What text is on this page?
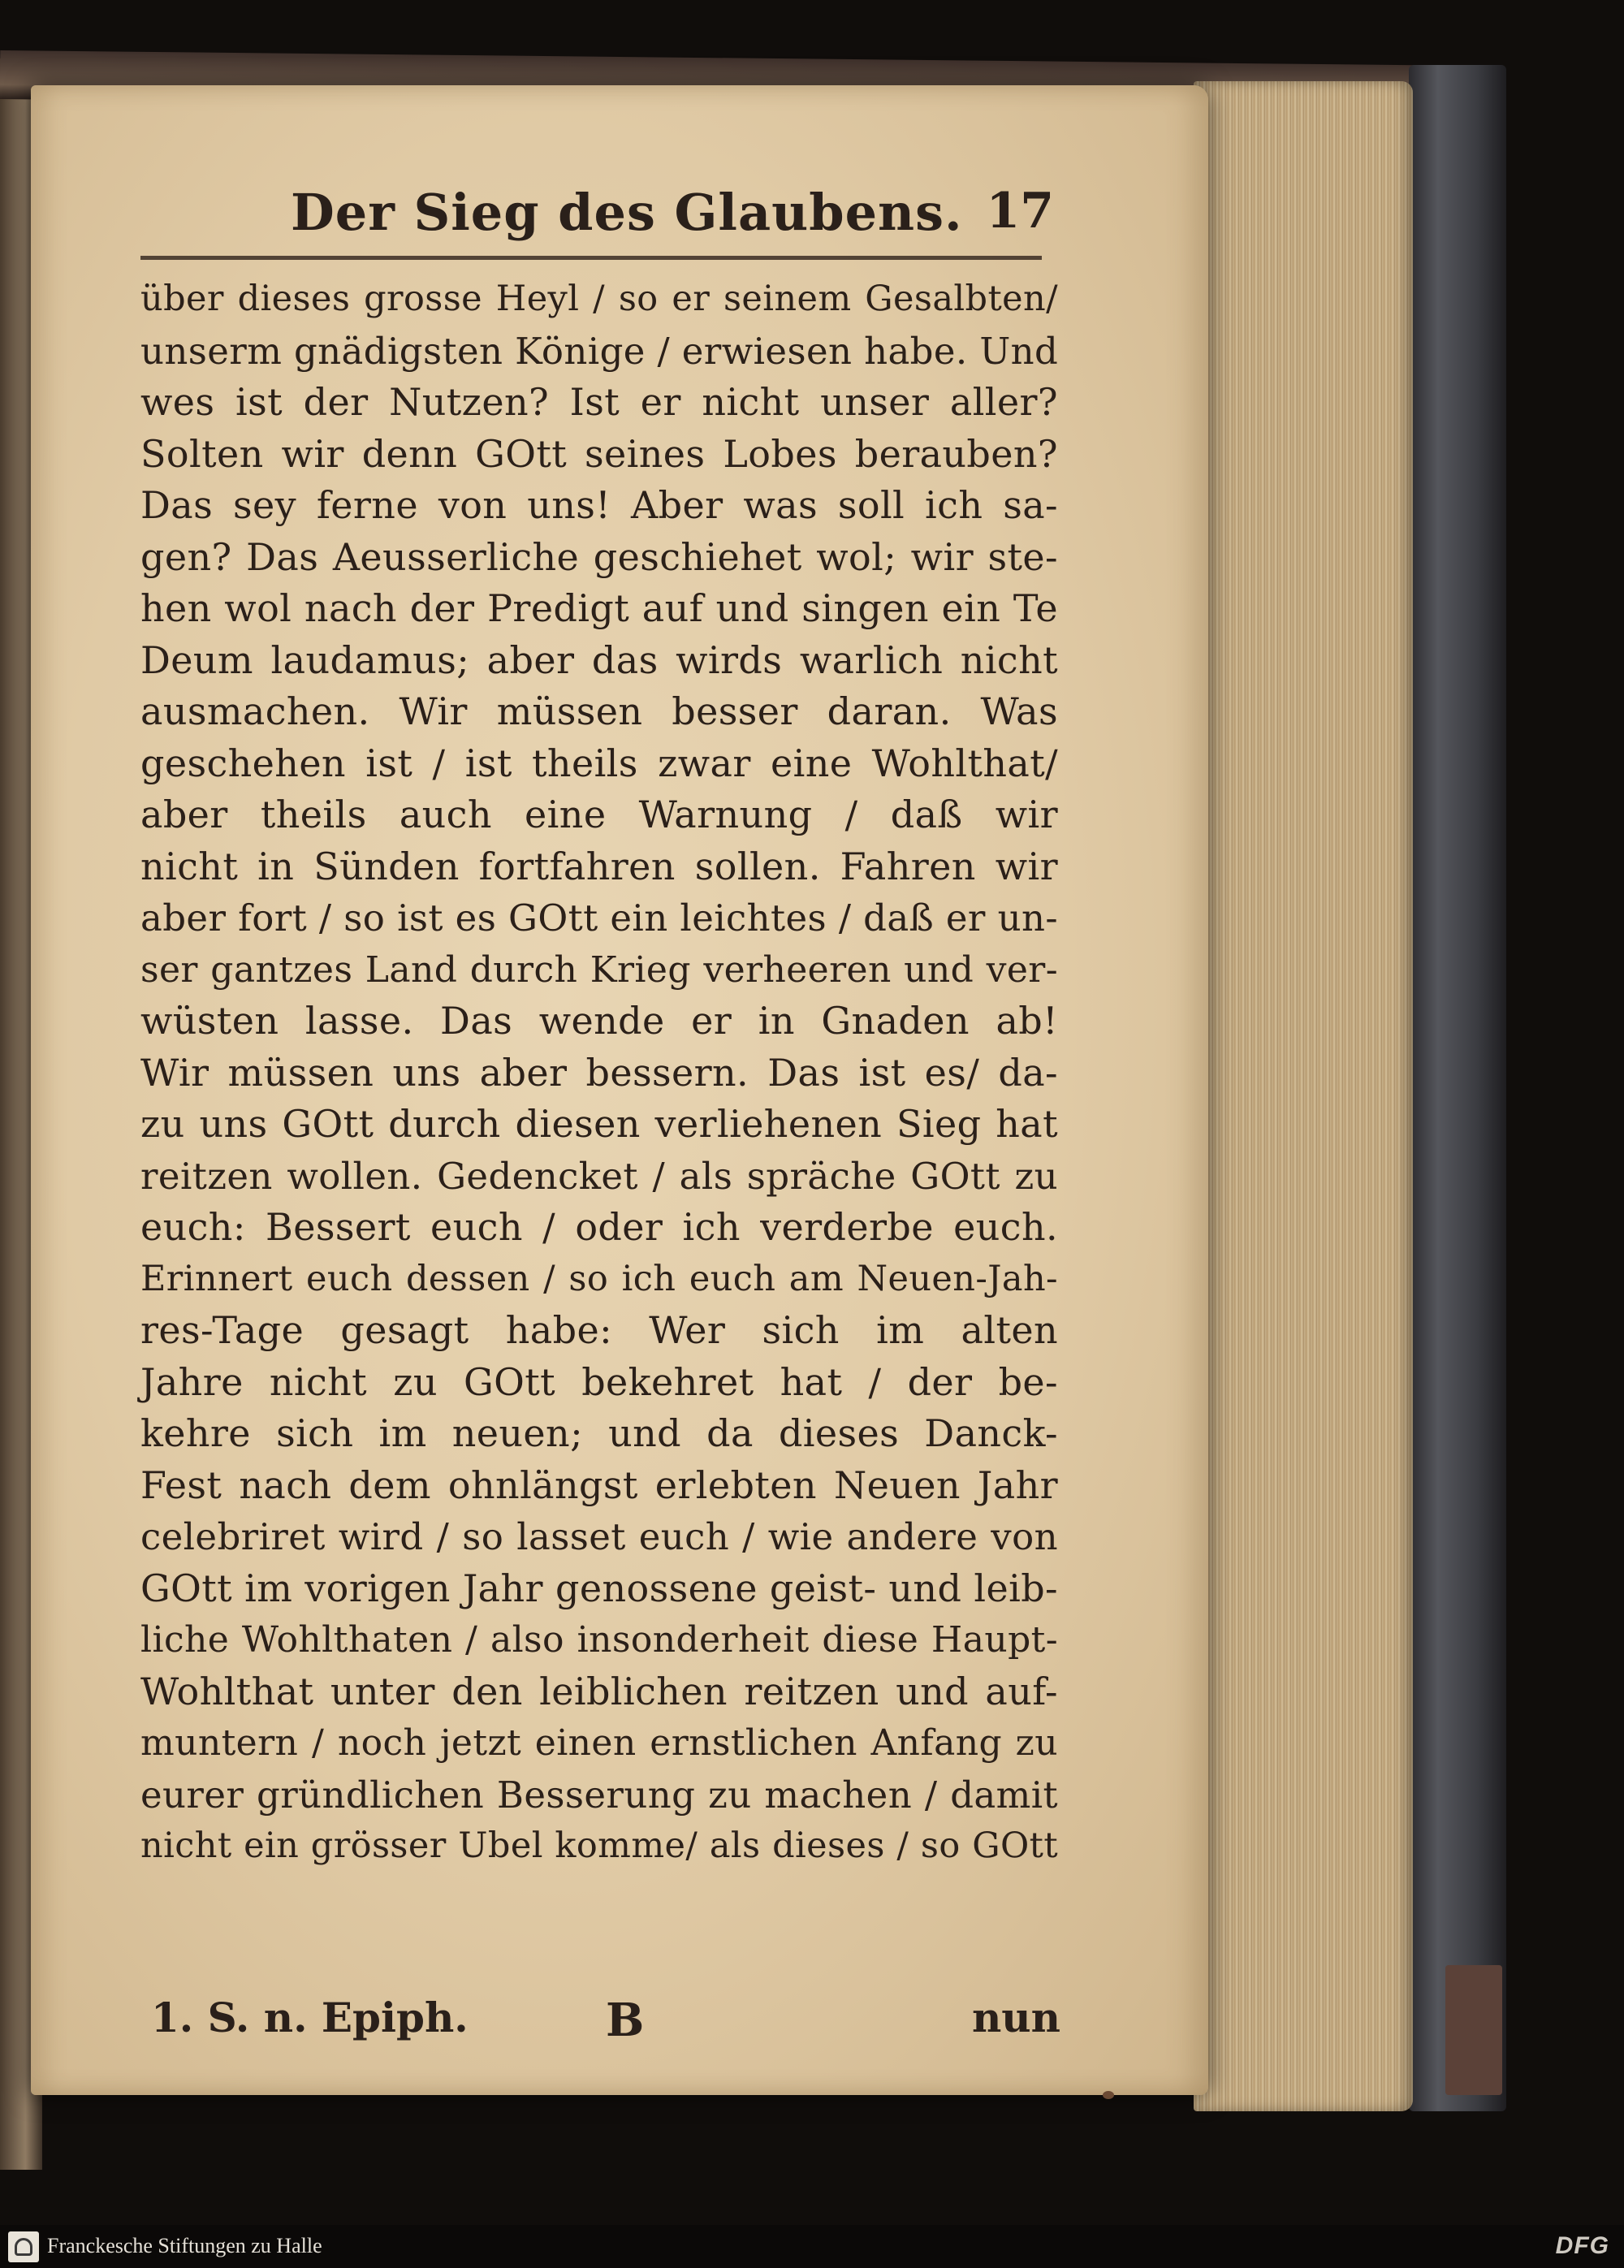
Der Sieg des Glaubens. 17
über dieses grosse Heyl / so er seinem Gesalbten/
unserm gnädigsten Könige / erwiesen habe. Und
wes ist der Nutzen? Ist er nicht unser aller?
Solten wir denn GOtt seines Lobes berauben?
Das sey ferne von uns! Aber was soll ich sa-
gen? Das Aeusserliche geschiehet wol; wir ste-
hen wol nach der Predigt auf und singen ein Te
Deum laudamus; aber das wirds warlich nicht
ausmachen. Wir müssen besser daran. Was
geschehen ist / ist theils zwar eine Wohlthat/
aber theils auch eine Warnung / daß wir
nicht in Sünden fortfahren sollen. Fahren wir
aber fort / so ist es GOtt ein leichtes / daß er un-
ser gantzes Land durch Krieg verheeren und ver-
wüsten lasse. Das wende er in Gnaden ab!
Wir müssen uns aber bessern. Das ist es/ da-
zu uns GOtt durch diesen verliehenen Sieg hat
reitzen wollen. Gedencket / als spräche GOtt zu
euch: Bessert euch / oder ich verderbe euch.
Erinnert euch dessen / so ich euch am Neuen-Jah-
res-Tage gesagt habe: Wer sich im alten
Jahre nicht zu GOtt bekehret hat / der be-
kehre sich im neuen; und da dieses Danck-
Fest nach dem ohnlängst erlebten Neuen Jahr
celebriret wird / so lasset euch / wie andere von
GOtt im vorigen Jahr genossene geist- und leib-
liche Wohlthaten / also insonderheit diese Haupt-
Wohlthat unter den leiblichen reitzen und auf-
muntern / noch jetzt einen ernstlichen Anfang zu
eurer gründlichen Besserung zu machen / damit
nicht ein grösser Ubel komme/ als dieses / so GOtt
1. S. n. Epiph.	B	nun
Franckesche Stiftungen zu Halle	DFG
